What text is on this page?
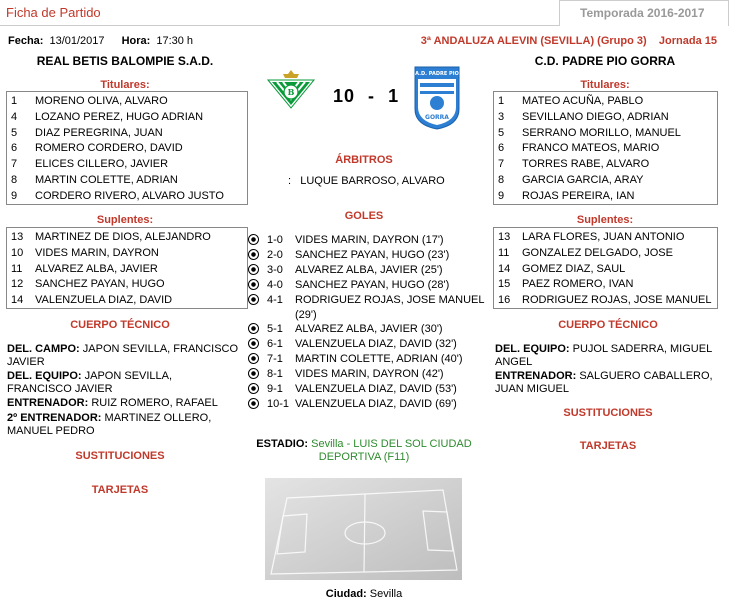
Ficha de Partido	Temporada 2016-2017
Fecha: 13/01/2017 Hora: 17:30 h	3ª ANDALUZA ALEVIN (SEVILLA) (Grupo 3) Jornada 15
REAL BETIS BALOMPIE S.A.D.	C.D. PADRE PIO GORRA
Titulares:
1 MORENO OLIVA, ALVARO
4 LOZANO PEREZ, HUGO ADRIAN
5 DIAZ PEREGRINA, JUAN
6 ROMERO CORDERO, DAVID
7 ELICES CILLERO, JAVIER
8 MARTIN COLETTE, ADRIAN
9 CORDERO RIVERO, ALVARO JUSTO
Suplentes:
13 MARTINEZ DE DIOS, ALEJANDRO
10 VIDES MARIN, DAYRON
11 ALVAREZ ALBA, JAVIER
12 SANCHEZ PAYAN, HUGO
14 VALENZUELA DIAZ, DAVID
CUERPO TÉCNICO
DEL. CAMPO: JAPON SEVILLA, FRANCISCO JAVIER
DEL. EQUIPO: JAPON SEVILLA, FRANCISCO JAVIER
ENTRENADOR: RUIZ ROMERO, RAFAEL
2º ENTRENADOR: MARTINEZ OLLERO, MANUEL PEDRO
SUSTITUCIONES
TARJETAS
B
A.D. PADRE PIO
GORRA
10 - 1
ÁRBITROS
: LUQUE BARROSO, ALVARO
GOLES
1-0 VIDES MARIN, DAYRON (17')
2-0 SANCHEZ PAYAN, HUGO (23')
3-0 ALVAREZ ALBA, JAVIER (25')
4-0 SANCHEZ PAYAN, HUGO (28')
4-1 RODRIGUEZ ROJAS, JOSE MANUEL (29')
5-1 ALVAREZ ALBA, JAVIER (30')
6-1 VALENZUELA DIAZ, DAVID (32')
7-1 MARTIN COLETTE, ADRIAN (40')
8-1 VIDES MARIN, DAYRON (42')
9-1 VALENZUELA DIAZ, DAVID (53')
10-1 VALENZUELA DIAZ, DAVID (69')
ESTADIO: Sevilla - LUIS DEL SOL CIUDAD DEPORTIVA (F11)
Ciudad: Sevilla
Titulares:
1 MATEO ACUÑA, PABLO
3 SEVILLANO DIEGO, ADRIAN
5 SERRANO MORILLO, MANUEL
6 FRANCO MATEOS, MARIO
7 TORRES RABE, ALVARO
8 GARCIA GARCIA, ARAY
9 ROJAS PEREIRA, IAN
Suplentes:
13 LARA FLORES, JUAN ANTONIO
11 GONZALEZ DELGADO, JOSE
14 GOMEZ DIAZ, SAUL
15 PAEZ ROMERO, IVAN
16 RODRIGUEZ ROJAS, JOSE MANUEL
CUERPO TÉCNICO
DEL. EQUIPO: PUJOL SADERRA, MIGUEL ANGEL
ENTRENADOR: SALGUERO CABALLERO, JUAN MIGUEL
SUSTITUCIONES
TARJETAS
